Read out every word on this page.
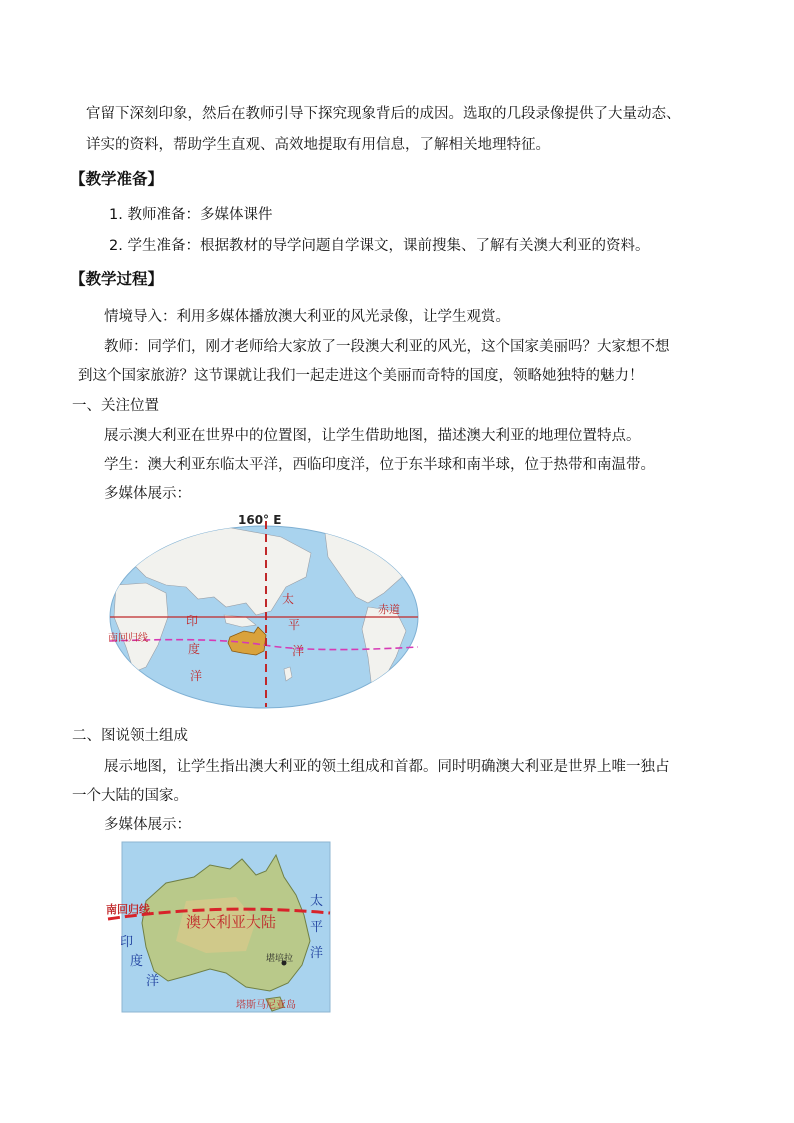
官留下深刻印象，然后在教师引导下探究现象背后的成因。选取的几段录像提供了大量动态、
详实的资料，帮助学生直观、高效地提取有用信息，了解相关地理特征。
【教学准备】
1. 教师准备：多媒体课件
2. 学生准备：根据教材的导学问题自学课文，课前搜集、了解有关澳大利亚的资料。
【教学过程】
情境导入：利用多媒体播放澳大利亚的风光录像，让学生观赏。
教师：同学们，刚才老师给大家放了一段澳大利亚的风光，这个国家美丽吗？大家想不想
到这个国家旅游？这节课就让我们一起走进这个美丽而奇特的国度，领略她独特的魅力！
一、关注位置
展示澳大利亚在世界中的位置图，让学生借助地图，描述澳大利亚的地理位置特点。
学生：澳大利亚东临太平洋，西临印度洋，位于东半球和南半球，位于热带和南温带。
多媒体展示：
160° E
赤道
南回归线
印
度
洋
太
平
洋
二、图说领土组成
展示地图，让学生指出澳大利亚的领土组成和首都。同时明确澳大利亚是世界上唯一独占
一个大陆的国家。
多媒体展示：
南回归线
澳大利亚大陆
印
度
洋
太
平
洋
堪培拉
塔斯马尼亚岛
